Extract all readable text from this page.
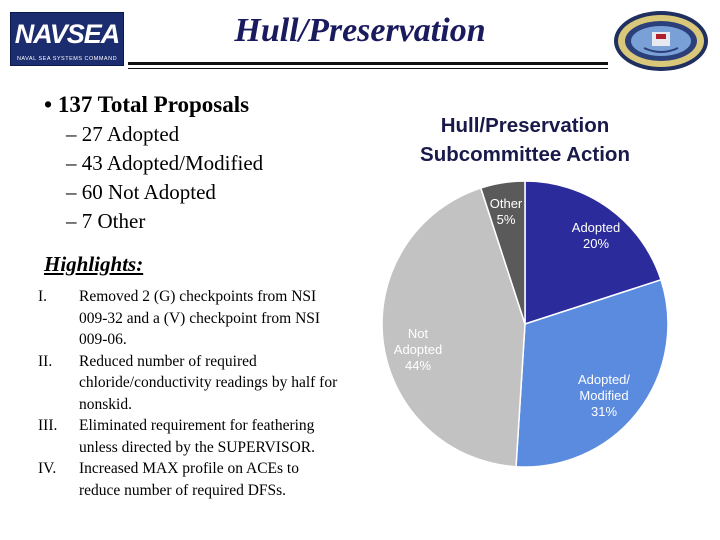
NAVSEA
NAVAL SEA SYSTEMS COMMAND
Hull/Preservation
• 137 Total Proposals
– 27 Adopted
– 43 Adopted/Modified
– 60 Not Adopted
– 7 Other
Highlights:
I. Removed 2 (G) checkpoints from NSI 009-32 and a (V) checkpoint from NSI 009-06.
II. Reduced number of required chloride/conductivity readings by half for nonskid.
III. Eliminated requirement for feathering unless directed by the SUPERVISOR.
IV. Increased MAX profile on ACEs to reduce number of required DFSs.
Hull/Preservation
Subcommittee Action
Adopted 20%
Adopted/ Modified 31%
Not Adopted 44%
Other 5%
